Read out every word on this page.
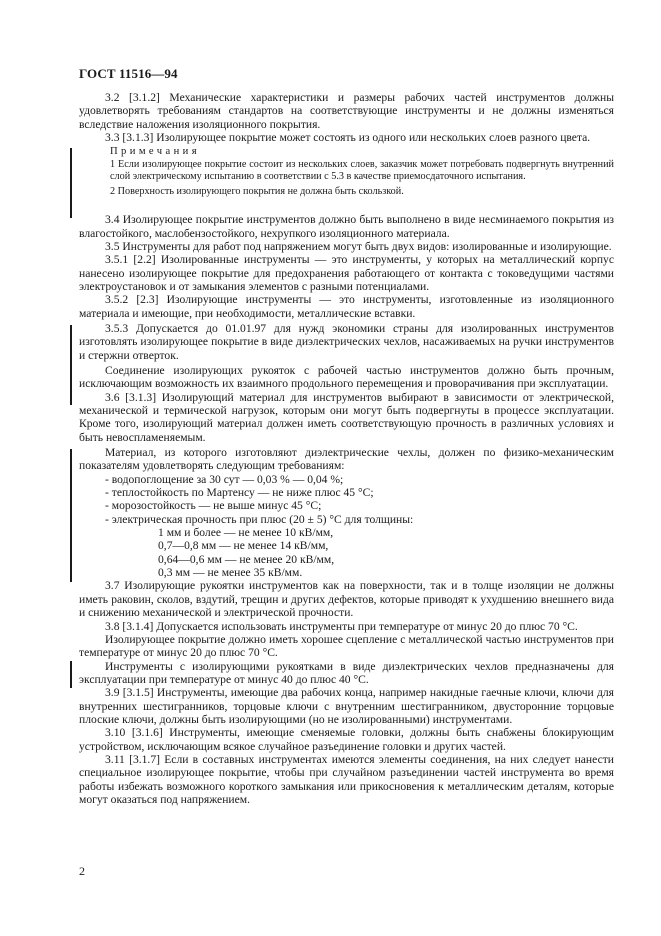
ГОСТ 11516—94

3.2 [3.1.2] Механические характеристики и размеры рабочих частей инструментов должны удовлетворять требованиям стандартов на соответствующие инструменты и не должны изменяться вследствие наложения изоляционного покрытия.

3.3 [3.1.3] Изолирующее покрытие может состоять из одного или нескольких слоев разного цвета.

Примечания

1 Если изолирующее покрытие состоит из нескольких слоев, заказчик может потребовать подвергнуть внутренний слой электрическому испытанию в соответствии с 5.3 в качестве приемосдаточного испытания.

2 Поверхность изолирующего покрытия не должна быть скользкой.

3.4 Изолирующее покрытие инструментов должно быть выполнено в виде несминаемого покрытия из влагостойкого, маслобензостойкого, нехрупкого изоляционного материала.

3.5 Инструменты для работ под напряжением могут быть двух видов: изолированные и изолирующие.

3.5.1 [2.2] Изолированные инструменты — это инструменты, у которых на металлический корпус нанесено изолирующее покрытие для предохранения работающего от контакта с токоведущими частями электроустановок и от замыкания элементов с разными потенциалами.

3.5.2 [2.3] Изолирующие инструменты — это инструменты, изготовленные из изоляционного материала и имеющие, при необходимости, металлические вставки.

3.5.3 Допускается до 01.01.97 для нужд экономики страны для изолированных инструментов изготовлять изолирующее покрытие в виде диэлектрических чехлов, насаживаемых на ручки инструментов и стержни отверток.

Соединение изолирующих рукояток с рабочей частью инструментов должно быть прочным, исключающим возможность их взаимного продольного перемещения и проворачивания при эксплуатации.

3.6 [3.1.3] Изолирующий материал для инструментов выбирают в зависимости от электрической, механической и термической нагрузок, которым они могут быть подвергнуты в процессе эксплуатации. Кроме того, изолирующий материал должен иметь соответствующую прочность в различных условиях и быть невоспламеняемым.

Материал, из которого изготовляют диэлектрические чехлы, должен по физико-механическим показателям удовлетворять следующим требованиям:

- водопоглощение за 30 сут — 0,03 % — 0,04 %;
- теплостойкость по Мартенсу — не ниже плюс 45 °С;
- морозостойкость — не выше минус 45 °С;
- электрическая прочность при плюс (20 ± 5) °С для толщины:
1 мм и более — не менее 10 кВ/мм,
0,7—0,8 мм — не менее 14 кВ/мм,
0,64—0,6 мм — не менее 20 кВ/мм,
0,3 мм — не менее 35 кВ/мм.

3.7 Изолирующие рукоятки инструментов как на поверхности, так и в толще изоляции не должны иметь раковин, сколов, вздутий, трещин и других дефектов, которые приводят к ухудшению внешнего вида и снижению механической и электрической прочности.

3.8 [3.1.4] Допускается использовать инструменты при температуре от минус 20 до плюс 70 °С.

Изолирующее покрытие должно иметь хорошее сцепление с металлической частью инструментов при температуре от минус 20 до плюс 70 °С.

Инструменты с изолирующими рукоятками в виде диэлектрических чехлов предназначены для эксплуатации при температуре от минус 40 до плюс 40 °С.

3.9 [3.1.5] Инструменты, имеющие два рабочих конца, например накидные гаечные ключи, ключи для внутренних шестигранников, торцовые ключи с внутренним шестигранником, двусторонние торцовые плоские ключи, должны быть изолирующими (но не изолированными) инструментами.

3.10 [3.1.6] Инструменты, имеющие сменяемые головки, должны быть снабжены блокирующим устройством, исключающим всякое случайное разъединение головки и других частей.

3.11 [3.1.7] Если в составных инструментах имеются элементы соединения, на них следует нанести специальное изолирующее покрытие, чтобы при случайном разъединении частей инструмента во время работы избежать возможного короткого замыкания или прикосновения к металлическим деталям, которые могут оказаться под напряжением.

2
